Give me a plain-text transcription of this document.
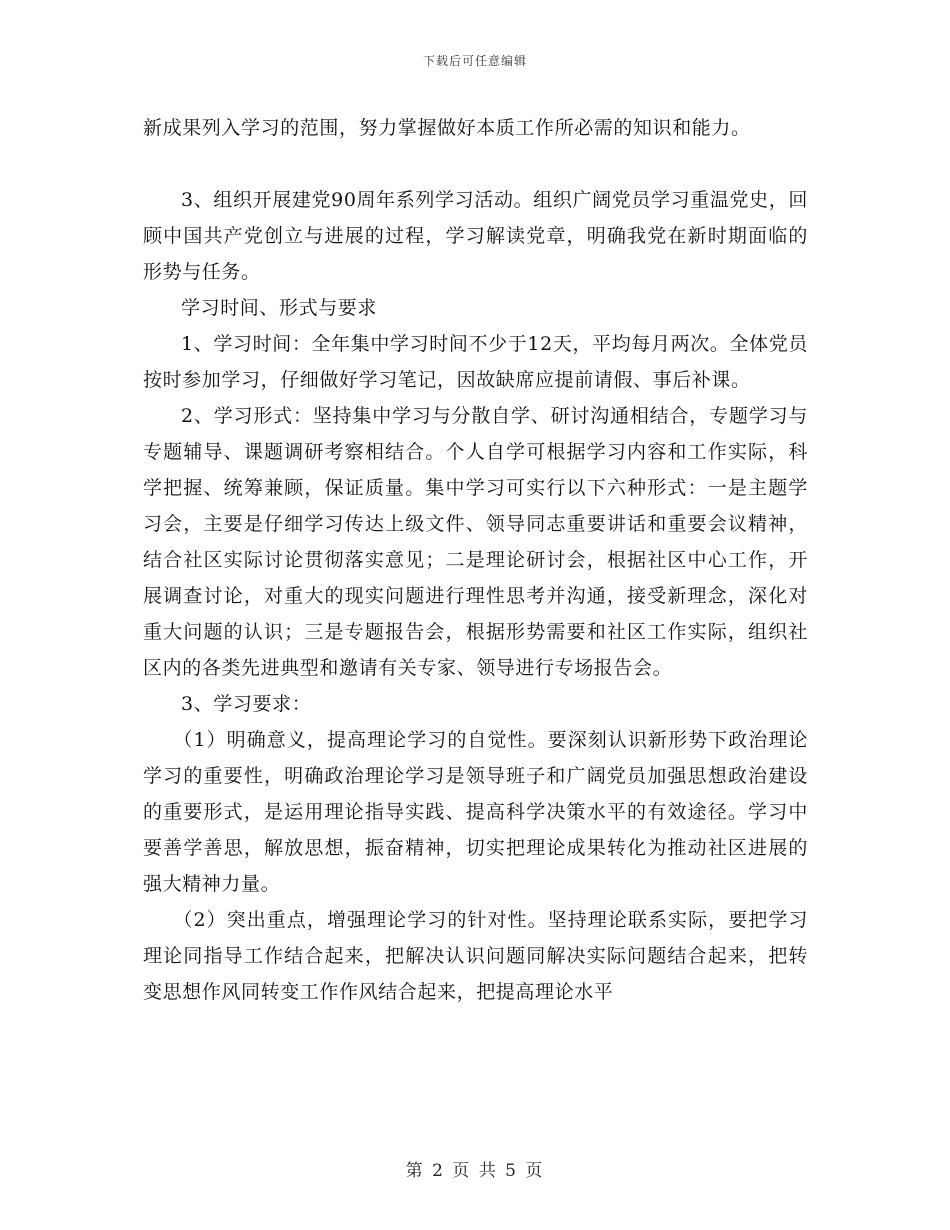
下载后可任意编辑

新成果列入学习的范围，努力掌握做好本质工作所必需的知识和能力。

3、组织开展建党90周年系列学习活动。组织广阔党员学习重温党史，回顾中国共产党创立与进展的过程，学习解读党章，明确我党在新时期面临的形势与任务。

学习时间、形式与要求

1、学习时间：全年集中学习时间不少于12天，平均每月两次。全体党员按时参加学习，仔细做好学习笔记，因故缺席应提前请假、事后补课。

2、学习形式：坚持集中学习与分散自学、研讨沟通相结合，专题学习与专题辅导、课题调研考察相结合。个人自学可根据学习内容和工作实际，科学把握、统筹兼顾，保证质量。集中学习可实行以下六种形式：一是主题学习会，主要是仔细学习传达上级文件、领导同志重要讲话和重要会议精神，结合社区实际讨论贯彻落实意见；二是理论研讨会，根据社区中心工作，开展调查讨论，对重大的现实问题进行理性思考并沟通，接受新理念，深化对重大问题的认识；三是专题报告会，根据形势需要和社区工作实际，组织社区内的各类先进典型和邀请有关专家、领导进行专场报告会。

3、学习要求：

（1）明确意义，提高理论学习的自觉性。要深刻认识新形势下政治理论学习的重要性，明确政治理论学习是领导班子和广阔党员加强思想政治建设的重要形式，是运用理论指导实践、提高科学决策水平的有效途径。学习中要善学善思，解放思想，振奋精神，切实把理论成果转化为推动社区进展的强大精神力量。

（2）突出重点，增强理论学习的针对性。坚持理论联系实际，要把学习理论同指导工作结合起来，把解决认识问题同解决实际问题结合起来，把转变思想作风同转变工作作风结合起来，把提高理论水平

第 2 页 共 5 页
